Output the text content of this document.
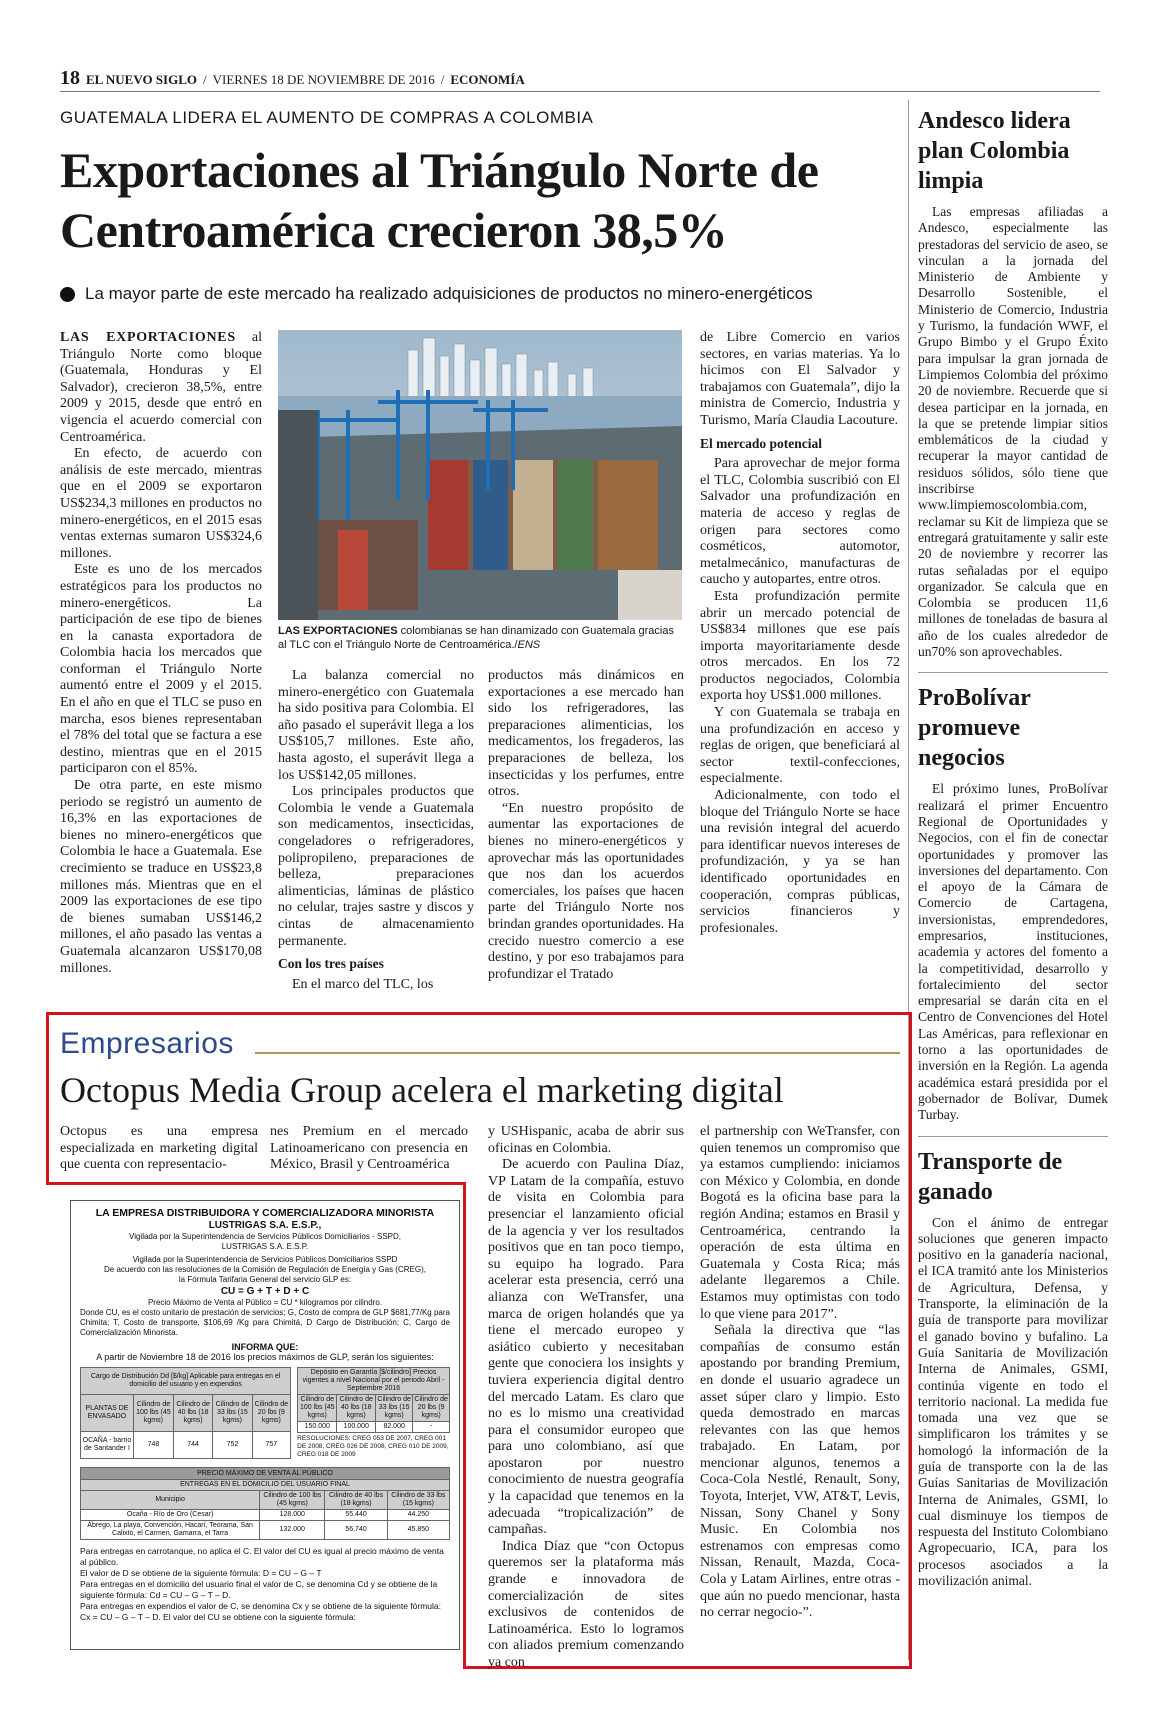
18 EL NUEVO SIGLO / VIERNES 18 DE NOVIEMBRE DE 2016 / ECONOMÍA
GUATEMALA LIDERA EL AUMENTO DE COMPRAS A COLOMBIA
Exportaciones al Triángulo Norte de Centroamérica crecieron 38,5%
La mayor parte de este mercado ha realizado adquisiciones de productos no minero-energéticos

LAS EXPORTACIONES al Triángulo Norte como bloque (Guatemala, Honduras y El Salvador), crecieron 38,5%, entre 2009 y 2015, desde que entró en vigencia el acuerdo comercial con Centroamérica.

En efecto, de acuerdo con análisis de este mercado, mientras que en el 2009 se exportaron US$234,3 millones en productos no minero-energéticos, en el 2015 esas ventas externas sumaron US$324,6 millones.

Este es uno de los mercados estratégicos para los productos no minero-energéticos. La participación de ese tipo de bienes en la canasta exportadora de Colombia hacia los mercados que conforman el Triángulo Norte aumentó entre el 2009 y el 2015. En el año en que el TLC se puso en marcha, esos bienes representaban el 78% del total que se factura a ese destino, mientras que en el 2015 participaron con el 85%.

De otra parte, en este mismo periodo se registró un aumento de 16,3% en las exportaciones de bienes no minero-energéticos que Colombia le hace a Guatemala. Ese crecimiento se traduce en US$23,8 millones más. Mientras que en el 2009 las exportaciones de ese tipo de bienes sumaban US$146,2 millones, el año pasado las ventas a Guatemala alcanzaron US$170,08 millones.

LAS EXPORTACIONES colombianas se han dinamizado con Guatemala gracias al TLC con el Triángulo Norte de Centroamérica./ENS

La balanza comercial no minero-energético con Guatemala ha sido positiva para Colombia. El año pasado el superávit llega a los US$105,7 millones. Este año, hasta agosto, el superávit llega a los US$142,05 millones.

Los principales productos que Colombia le vende a Guatemala son medicamentos, insecticidas, congeladores o refrigeradores, polipropileno, preparaciones de belleza, preparaciones alimenticias, láminas de plástico no celular, trajes sastre y discos y cintas de almacenamiento permanente.

Con los tres países

En el marco del TLC, los

productos más dinámicos en exportaciones a ese mercado han sido los refrigeradores, las preparaciones alimenticias, los medicamentos, los fregaderos, las preparaciones de belleza, los insecticidas y los perfumes, entre otros.

“En nuestro propósito de aumentar las exportaciones de bienes no minero-energéticos y aprovechar más las oportunidades que nos dan los acuerdos comerciales, los países que hacen parte del Triángulo Norte nos brindan grandes oportunidades. Ha crecido nuestro comercio a ese destino, y por eso trabajamos para profundizar el Tratado

de Libre Comercio en varios sectores, en varias materias. Ya lo hicimos con El Salvador y trabajamos con Guatemala”, dijo la ministra de Comercio, Industria y Turismo, María Claudia Lacouture.

El mercado potencial

Para aprovechar de mejor forma el TLC, Colombia suscribió con El Salvador una profundización en materia de acceso y reglas de origen para sectores como cosméticos, automotor, metalmecánico, manufacturas de caucho y autopartes, entre otros.

Esta profundización permite abrir un mercado potencial de US$834 millones que ese país importa mayoritariamente desde otros mercados. En los 72 productos negociados, Colombia exporta hoy US$1.000 millones.

Y con Guatemala se trabaja en una profundización en acceso y reglas de origen, que beneficiará al sector textil-confecciones, especialmente.

Adicionalmente, con todo el bloque del Triángulo Norte se hace una revisión integral del acuerdo para identificar nuevos intereses de profundización, y ya se han identificado oportunidades en cooperación, compras públicas, servicios financieros y profesionales.

Andesco lidera plan Colombia limpia

Las empresas afiliadas a Andesco, especialmente las prestadoras del servicio de aseo, se vinculan a la jornada del Ministerio de Ambiente y Desarrollo Sostenible, el Ministerio de Comercio, Industria y Turismo, la fundación WWF, el Grupo Bimbo y el Grupo Éxito para impulsar la gran jornada de Limpiemos Colombia del próximo 20 de noviembre. Recuerde que si desea participar en la jornada, en la que se pretende limpiar sitios emblemáticos de la ciudad y recuperar la mayor cantidad de residuos sólidos, sólo tiene que inscribirse www.limpiemoscolombia.com, reclamar su Kit de limpieza que se entregará gratuitamente y salir este 20 de noviembre y recorrer las rutas señaladas por el equipo organizador. Se calcula que en Colombia se producen 11,6 millones de toneladas de basura al año de los cuales alrededor de un70% son aprovechables.

ProBolívar promueve negocios

El próximo lunes, ProBolívar realizará el primer Encuentro Regional de Oportunidades y Negocios, con el fin de conectar oportunidades y promover las inversiones del departamento. Con el apoyo de la Cámara de Comercio de Cartagena, inversionistas, emprendedores, empresarios, instituciones, academia y actores del fomento a la competitividad, desarrollo y fortalecimiento del sector empresarial se darán cita en el Centro de Convenciones del Hotel Las Américas, para reflexionar en torno a las oportunidades de inversión en la Región. La agenda académica estará presidida por el gobernador de Bolívar, Dumek Turbay.

Transporte de ganado

Con el ánimo de entregar soluciones que generen impacto positivo en la ganadería nacional, el ICA tramitó ante los Ministerios de Agricultura, Defensa, y Transporte, la eliminación de la guía de transporte para movilizar el ganado bovino y bufalino. La Guía Sanitaria de Movilización Interna de Animales, GSMI, continúa vigente en todo el territorio nacional. La medida fue tomada una vez que se simplificaron los trámites y se homologó la información de la guía de transporte con la de las Guías Sanitarias de Movilización Interna de Animales, GSMI, lo cual disminuye los tiempos de respuesta del Instituto Colombiano Agropecuario, ICA, para los procesos asociados a la movilización animal.

Empresarios
Octopus Media Group acelera el marketing digital

Octopus es una empresa especializada en marketing digital que cuenta con representacio-

nes Premium en el mercado Latinoamericano con presencia en México, Brasil y Centroamérica

y USHispanic, acaba de abrir sus oficinas en Colombia.

De acuerdo con Paulina Díaz, VP Latam de la compañía, estuvo de visita en Colombia para presenciar el lanzamiento oficial de la agencia y ver los resultados positivos que en tan poco tiempo, su equipo ha logrado. Para acelerar esta presencia, cerró una alianza con WeTransfer, una marca de origen holandés que ya tiene el mercado europeo y asiático cubierto y necesitaban gente que conociera los insights y tuviera experiencia digital dentro del mercado Latam. Es claro que no es lo mismo una creatividad para el consumidor europeo que para uno colombiano, así que apostaron por nuestro conocimiento de nuestra geografía y la capacidad que tenemos en la adecuada “tropicalización” de campañas.

Indica Díaz que “con Octopus queremos ser la plataforma más grande e innovadora de comercialización de sites exclusivos de contenidos de Latinoamérica. Esto lo logramos con aliados premium comenzando ya con

el partnership con WeTransfer, con quien tenemos un compromiso que ya estamos cumpliendo: iniciamos con México y Colombia, en donde Bogotá es la oficina base para la región Andina; estamos en Brasil y Centroamérica, centrando la operación de esta última en Guatemala y Costa Rica; más adelante llegaremos a Chile. Estamos muy optimistas con todo lo que viene para 2017”.

Señala la directiva que “las compañías de consumo están apostando por branding Premium, en donde el usuario agradece un asset súper claro y limpio. Esto queda demostrado en marcas relevantes con las que hemos trabajado. En Latam, por mencionar algunos, tenemos a Coca-Cola Nestlé, Renault, Sony, Toyota, Interjet, VW, AT&T, Levis, Nissan, Sony Chanel y Sony Music. En Colombia nos estrenamos con empresas como Nissan, Renault, Mazda, Coca-Cola y Latam Airlines, entre otras -que aún no puedo mencionar, hasta no cerrar negocio-”.

LA EMPRESA DISTRIBUIDORA Y COMERCIALIZADORA MINORISTA
LUSTRIGAS S.A. E.S.P.,
Vigilada por la Superintendencia de Servicios Públicos Domiciliarios - SSPD,
LUSTRIGAS S.A. E.S.P.
Vigilada por la Superintendencia de Servicios Públicos Domiciliarios SSPD
De acuerdo con las resoluciones de la Comisión de Regulación de Energía y Gas (CREG),
la Fórmula Tarifaria General del servicio GLP es:
CU = G + T + D + C
Precio Máximo de Venta al Público = CU * kilogramos por cilindro.
Donde CU, es el costo unitario de prestación de servicios; G, Costo de compra de GLP $681,77/Kg para Chimita; T, Costo de transporte, $106,69 /Kg para Chimitá, D Cargo de Distribución; C, Cargo de Comercialización Minorista.
INFORMA QUE:
A partir de Noviembre 18 de 2016 los precios máximos de GLP, serán los siguientes:
Cargo de Distribución Dd [$/kg] Aplicable para entregas en el domicilio del usuario y en expendios				
PLANTAS DE ENVASADO	Cilindro de 100 lbs (45 kgms)	Cilindro de 40 lbs (18 kgms)	Cilindro de 33 lbs (15 kgms)	Cilindro de 20 lbs (9 kgms)
OCAÑA - barrio de Santander I	748	744	752	757
Depósito en Garantía [$/cilindro] Precios vigentes a nivel Nacional por el periodo Abril - Septiembre 2016			
Cilindro de 100 lbs (45 kgms)	Cilindro de 40 lbs (18 kgms)	Cilindro de 33 lbs (15 kgms)	Cilindro de 20 lbs (9 kgms)
150.000	100.000	82.000	-
RESOLUCIONES: CREG 053 DE 2007, CREG 001 DE 2008, CREG 026 DE 2008, CREG 010 DE 2009, CREG 018 DE 2009
PRECIO MÁXIMO DE VENTA AL PÚBLICO			
ENTREGAS EN EL DOMICILIO DEL USUARIO FINAL			
Municipio	Cilindro de 100 lbs (45 kgms)	Cilindro de 40 lbs (18 kgms)	Cilindro de 33 lbs (15 kgms)
Ocaña - Río de Oro (Cesar)	128.000	55.440	44.250
Ábrego, La playa, Convención, Hacarí, Teorama, San Calixto, el Carmen, Gamarra, el Tarra	132.000	56.740	45.850
Para entregas en carrotanque, no aplica el C. El valor del CU es igual al precio máximo de venta al público.
El valor de D se obtiene de la siguiente fórmula: D = CU – G – T
Para entregas en el domicilio del usuario final el valor de C, se denomina Cd y se obtiene de la siguiente fórmula: Cd = CU – G – T – D.
Para entregas en expendios el valor de C, se denomina Cx y se obtiene de la siguiente fórmula:
Cx = CU – G – T – D. El valor del CU se obtiene con la siguiente fórmula:
